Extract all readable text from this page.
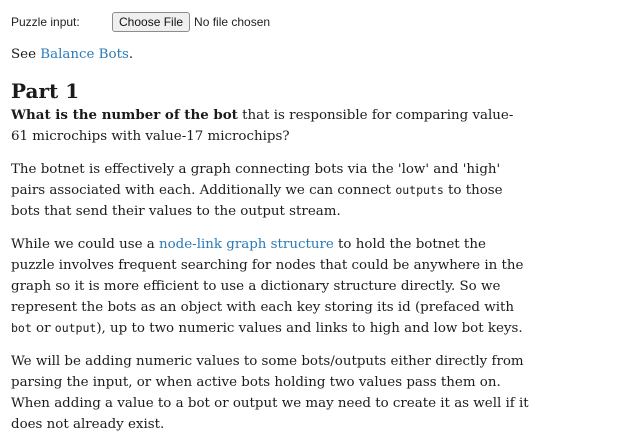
Puzzle input:	Choose File No file chosen

See Balance Bots.

Part 1

What is the number of the bot that is responsible for comparing value-61 microchips with value-17 microchips?

The botnet is effectively a graph connecting bots via the 'low' and 'high' pairs associated with each. Additionally we can connect outputs to those bots that send their values to the output stream.

While we could use a node-link graph structure to hold the botnet the puzzle involves frequent searching for nodes that could be anywhere in the graph so it is more efficient to use a dictionary structure directly. So we represent the bots as an object with each key storing its id (prefaced with bot or output), up to two numeric values and links to high and low bot keys.

We will be adding numeric values to some bots/outputs either directly from parsing the input, or when active bots holding two values pass them on. When adding a value to a bot or output we may need to create it as well if it does not already exist.
